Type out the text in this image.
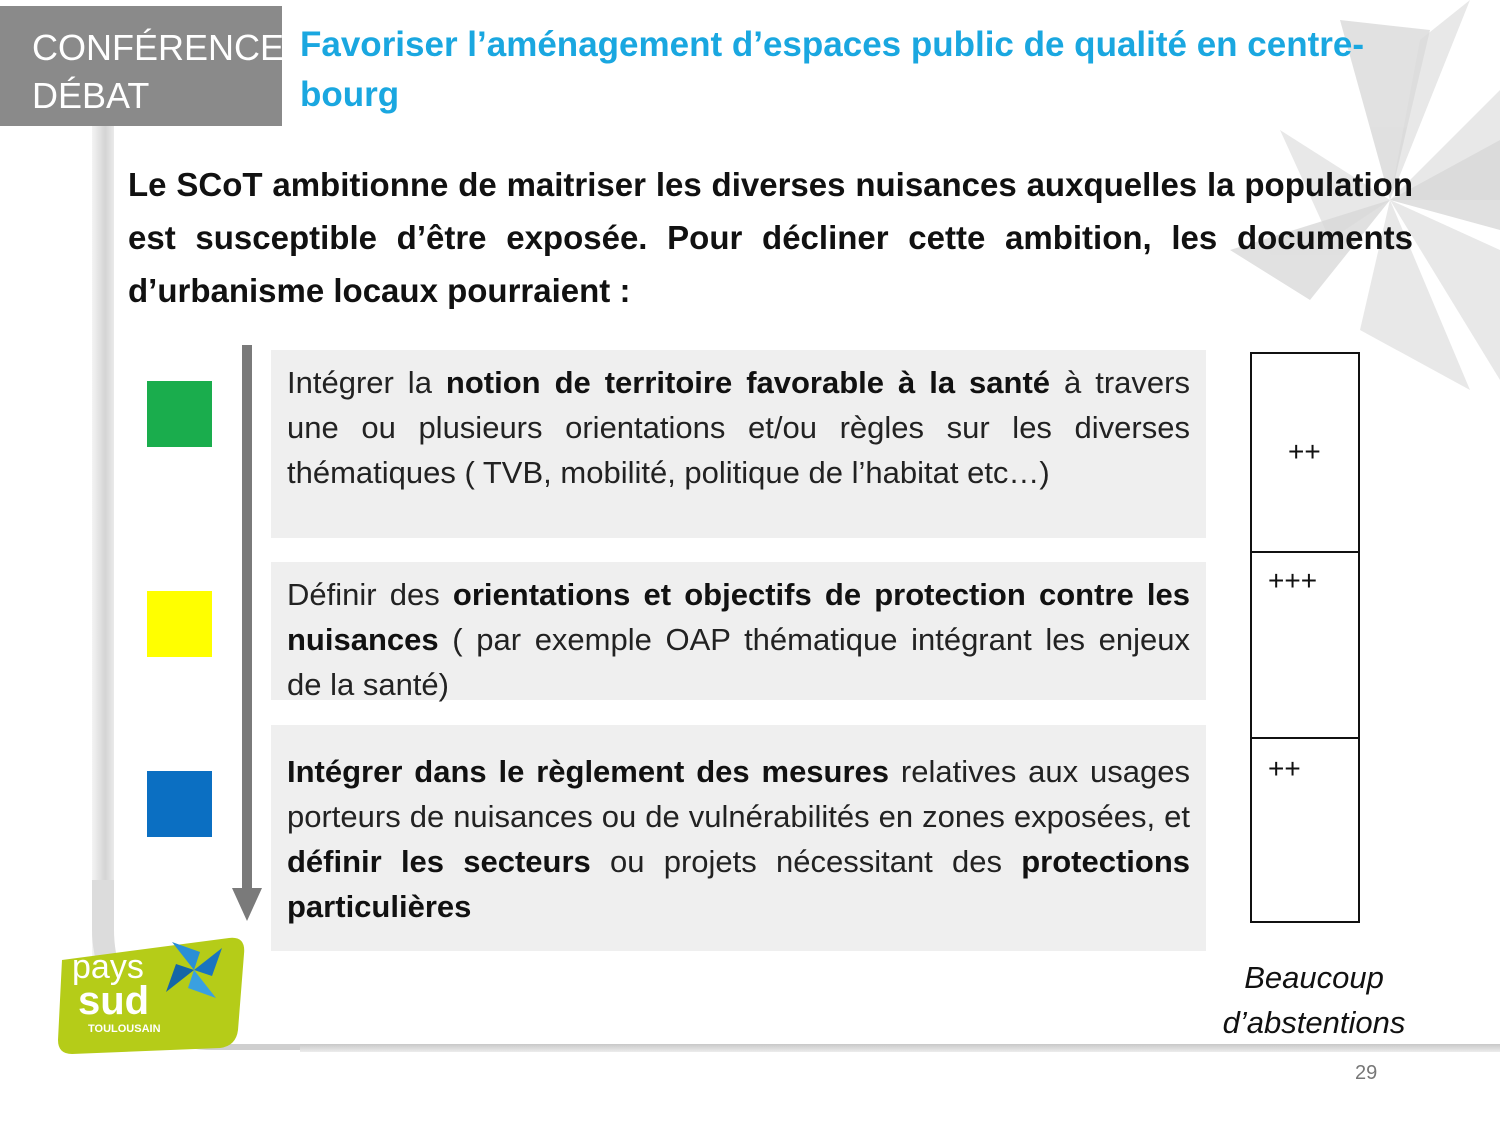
CONFÉRENCE
DÉBAT
Favoriser l’aménagement d’espaces public de qualité en centre-bourg
Le SCoT ambitionne de maitriser les diverses nuisances auxquelles la population est susceptible d’être exposée. Pour décliner cette ambition, les documents d’urbanisme locaux pourraient :
Intégrer la notion de territoire favorable à la santé à travers une ou plusieurs orientations et/ou règles sur les diverses thématiques ( TVB, mobilité, politique de l’habitat etc…)
Définir des orientations et objectifs de protection contre les nuisances ( par exemple OAP thématique intégrant les enjeux de la santé)
Intégrer dans le règlement des mesures relatives aux usages porteurs de nuisances ou de vulnérabilités en zones exposées, et définir les secteurs ou projets nécessitant des protections particulières
++
+++
++
Beaucoup
d’abstentions
29
pays
sud
TOULOUSAIN
